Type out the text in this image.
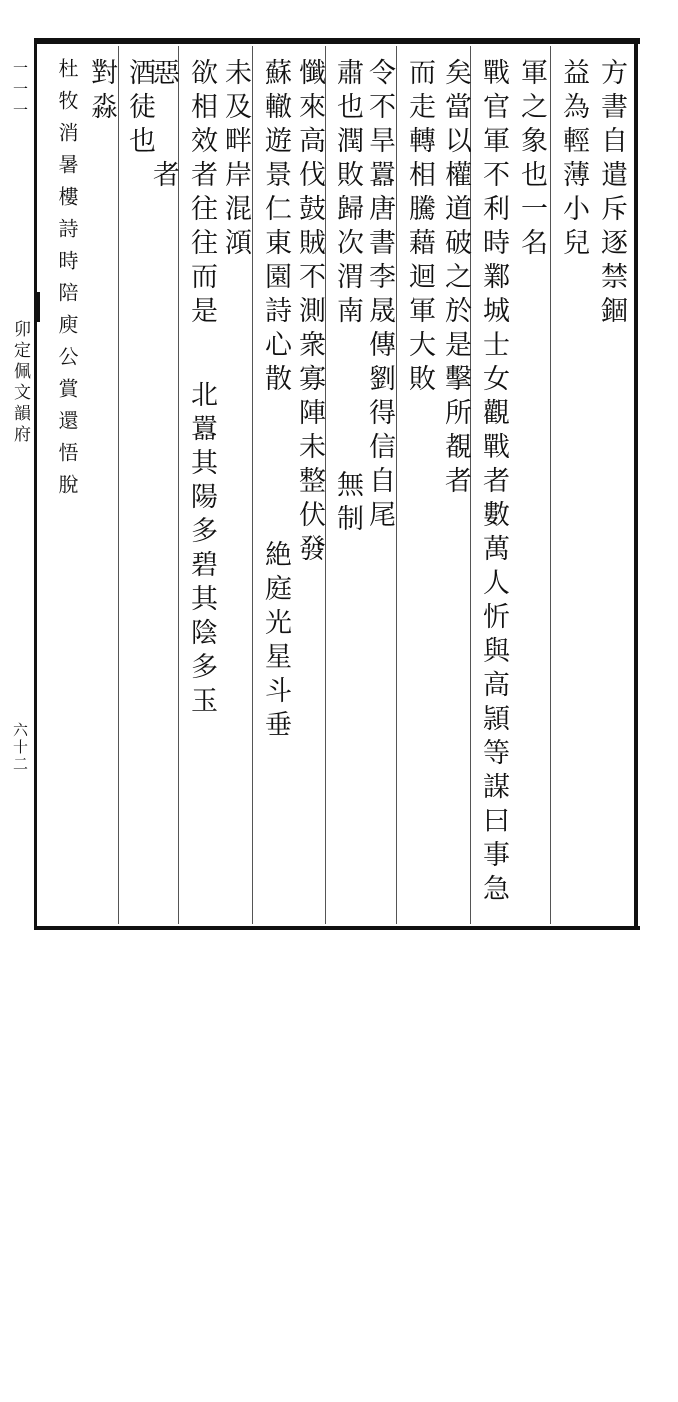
一一一
卯定佩文韻府
六十二
方書自遣斥逐禁錮
益為輕薄小兒
軍之象也一名
戰官軍不利時鄴城士女觀戰者數萬人忻與高頴等謀曰事急
矣當以權道破之於是擊所覩者
而走轉相騰藉迴軍大敗
令不旱囂唐書李晟傳劉得信自尾
肅也潤敗歸次渭南
無制
懺來高伐鼓賊不測衆寡陣未整伏發
蘇轍遊景仁東園詩心散
絶庭光星斗垂
未及畔岸混澒
欲相效者往往而是
北囂其陽多碧其陰多玉
惡
酒徒也
者
對淼
杜牧消暑樓詩時陪庾公賞還悟脫
